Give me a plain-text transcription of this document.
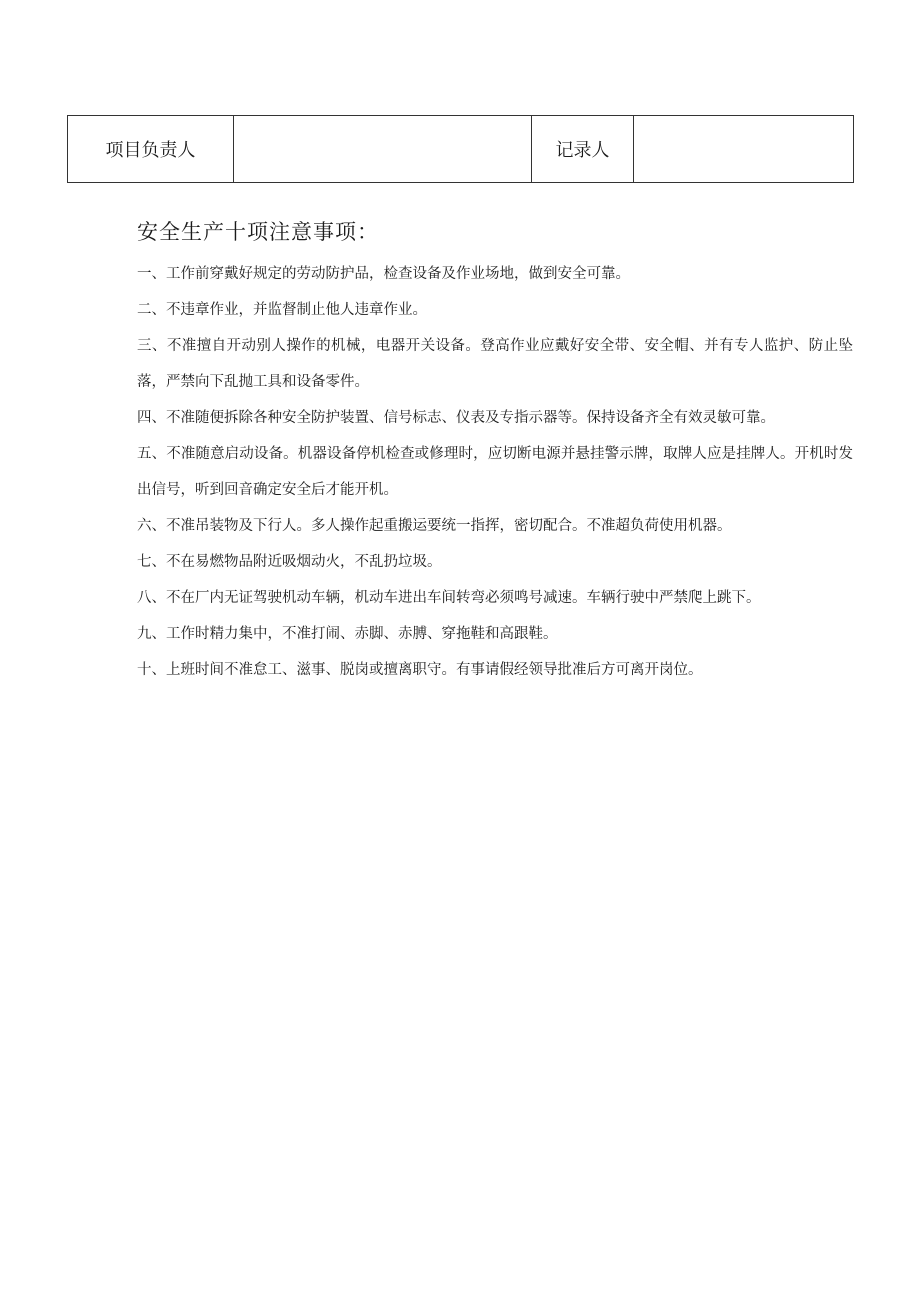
项目负责人		记录人	
安全生产十项注意事项：

一、工作前穿戴好规定的劳动防护品，检查设备及作业场地，做到安全可靠。

二、不违章作业，并监督制止他人违章作业。

三、不准擅自开动别人操作的机械，电器开关设备。登高作业应戴好安全带、安全帽、并有专人监护、防止坠落，严禁向下乱抛工具和设备零件。

四、不准随便拆除各种安全防护装置、信号标志、仪表及专指示器等。保持设备齐全有效灵敏可靠。

五、不准随意启动设备。机器设备停机检查或修理时，应切断电源并悬挂警示牌，取牌人应是挂牌人。开机时发出信号，听到回音确定安全后才能开机。

六、不准吊装物及下行人。多人操作起重搬运要统一指挥，密切配合。不准超负荷使用机器。

七、不在易燃物品附近吸烟动火，不乱扔垃圾。

八、不在厂内无证驾驶机动车辆，机动车进出车间转弯必须鸣号减速。车辆行驶中严禁爬上跳下。

九、工作时精力集中，不准打闹、赤脚、赤膊、穿拖鞋和高跟鞋。

十、上班时间不准怠工、滋事、脱岗或擅离职守。有事请假经领导批准后方可离开岗位。
